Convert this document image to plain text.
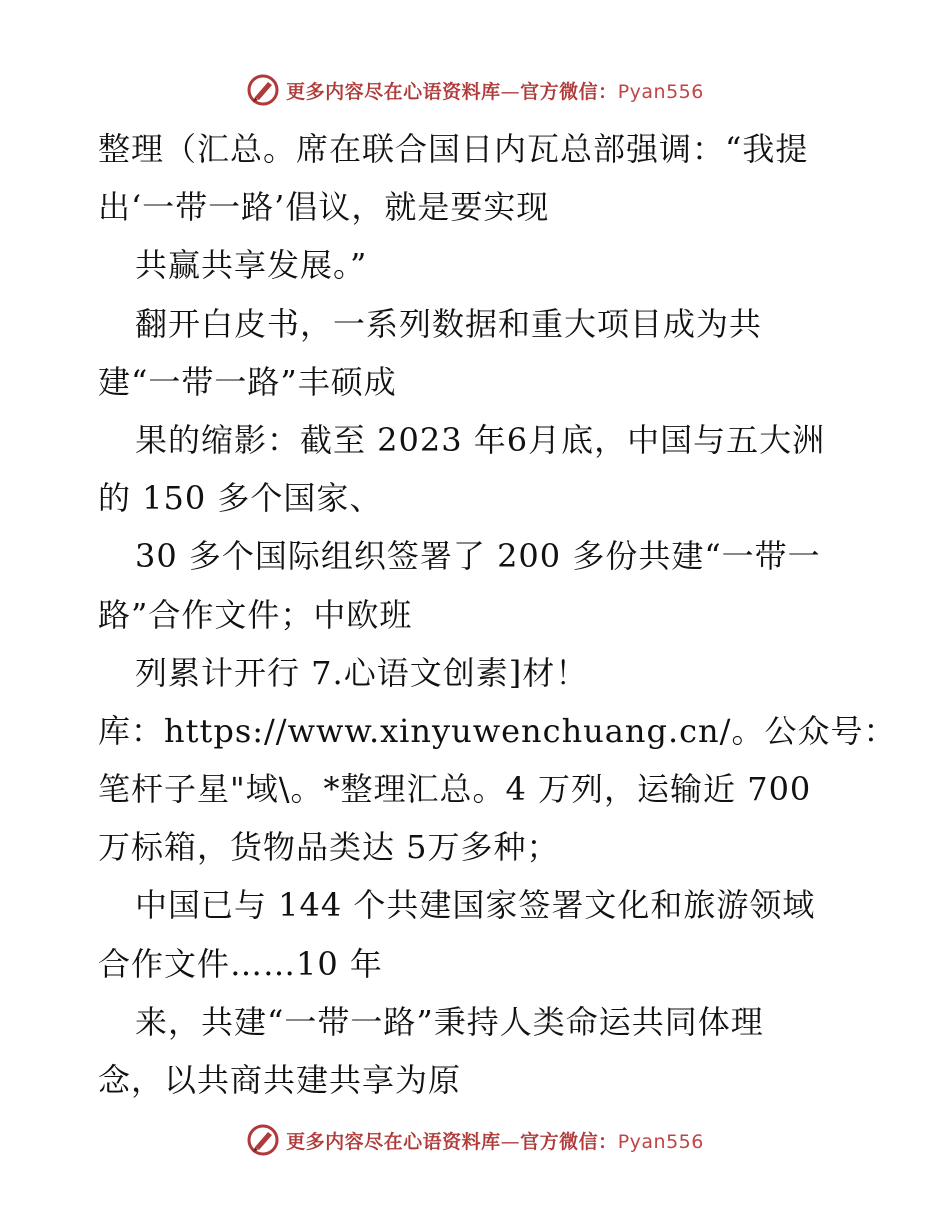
更多内容尽在心语资料库—官方微信：Pyan556
整理（汇总。席在联合国日内瓦总部强调：“我提
出‘一带一路’倡议，就是要实现
共赢共享发展。”
翻开白皮书，一系列数据和重大项目成为共
建“一带一路”丰硕成
果的缩影：截至 2023 年6月底，中国与五大洲
的 150 多个国家、
30 多个国际组织签署了 200 多份共建“一带一
路”合作文件；中欧班
列累计开行 7.心语文创素]材！
库：https://www.xinyuwenchuang.cn/。公众号：
笔杆子星"域\。*整理汇总。4 万列，运输近 700
万标箱，货物品类达 5万多种；
中国已与 144 个共建国家签署文化和旅游领域
合作文件……10 年
来，共建“一带一路”秉持人类命运共同体理
念，以共商共建共享为原
更多内容尽在心语资料库—官方微信：Pyan556
